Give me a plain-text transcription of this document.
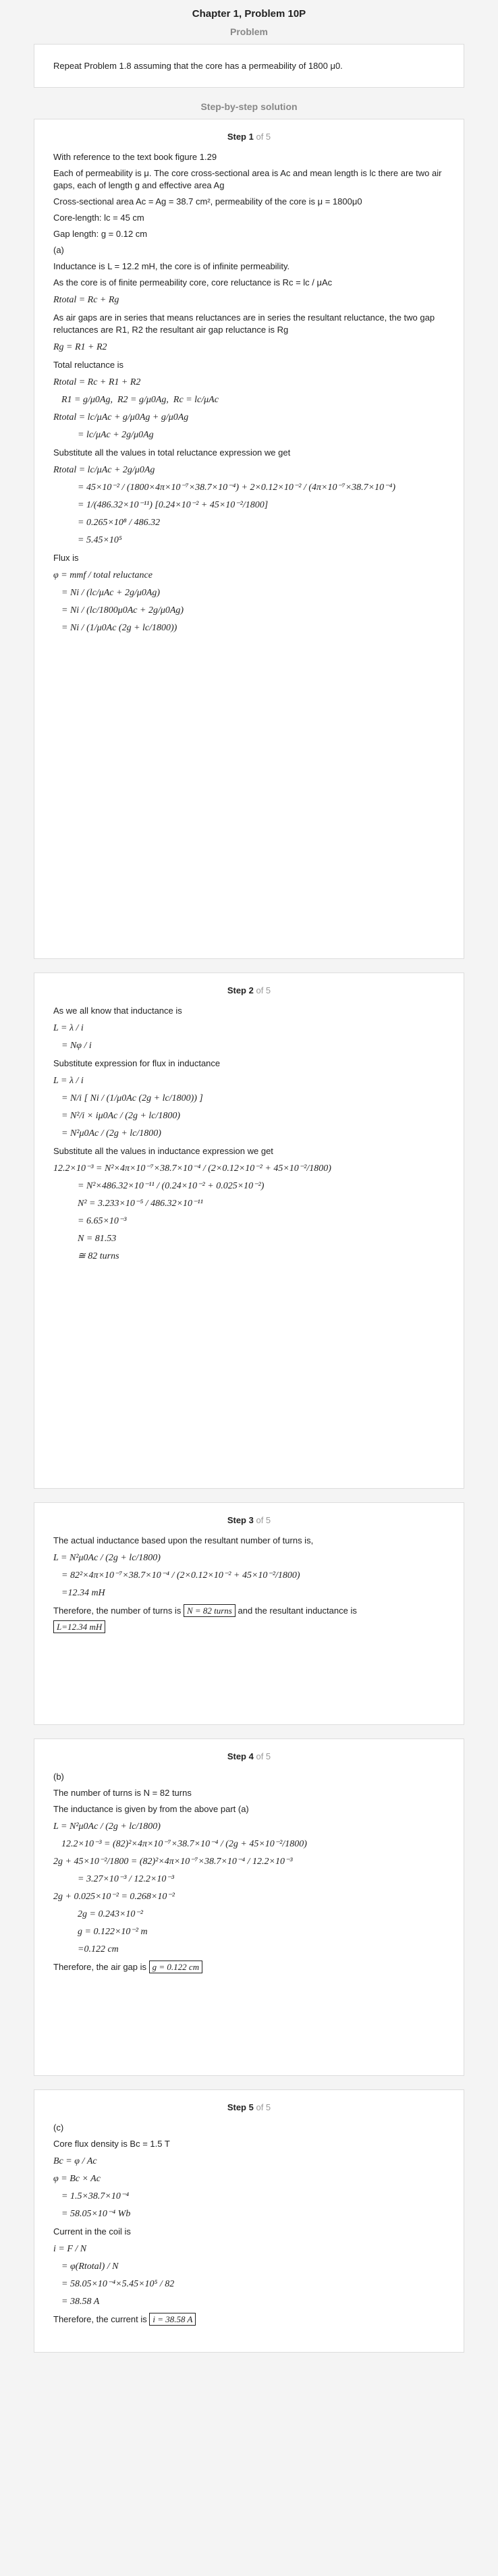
Chapter 1, Problem 10P
Problem
Repeat Problem 1.8 assuming that the core has a permeability of 1800 μ0.
Step-by-step solution
Step 1 of 5
With reference to the text book figure 1.29
Each of permeability is μ. The core cross-sectional area is Ac and mean length is lc there are two air gaps, each of length g and effective area Ag
Cross-sectional area Ac = Ag = 38.7 cm², permeability of the core is μ = 1800μ0
Core-length: lc = 45 cm
Gap length: g = 0.12 cm
(a)
Inductance is L = 12.2 mH, the core is of infinite permeability.
As the core is of finite permeability core, core reluctance is Rc = lc / μAc
Rtotal = Rc + Rg
As air gaps are in series that means reluctances are in series the resultant reluctance, the two gap reluctances are R1, R2 the resultant air gap reluctance is Rg
Rg = R1 + R2
Total reluctance is
Rtotal = Rc + R1 + R2
R1 = g/μ0Ag,  R2 = g/μ0Ag,  Rc = lc/μAc
Rtotal = lc/μAc + g/μ0Ag + g/μ0Ag
= lc/μAc + 2g/μ0Ag
Substitute all the values in total reluctance expression we get
Rtotal = lc/μAc + 2g/μ0Ag
= 45×10⁻² / (1800×4π×10⁻⁷×38.7×10⁻⁴) + 2×0.12×10⁻² / (4π×10⁻⁷×38.7×10⁻⁴)
= 1/(486.32×10⁻¹¹) [0.24×10⁻² + 45×10⁻²/1800]
= 0.265×10⁸ / 486.32
= 5.45×10⁵
Flux is
φ = mmf / total reluctance
= Ni / (lc/μAc + 2g/μ0Ag)
= Ni / (lc/1800μ0Ac + 2g/μ0Ag)
= Ni / (1/μ0Ac (2g + lc/1800))
Step 2 of 5
As we all know that inductance is
L = λ / i
= Nφ / i
Substitute expression for flux in inductance
L = λ / i
= N/i [ Ni / (1/μ0Ac (2g + lc/1800)) ]
= N²/i × iμ0Ac / (2g + lc/1800)
= N²μ0Ac / (2g + lc/1800)
Substitute all the values in inductance expression we get
12.2×10⁻³ = N²×4π×10⁻⁷×38.7×10⁻⁴ / (2×0.12×10⁻² + 45×10⁻²/1800)
= N²×486.32×10⁻¹¹ / (0.24×10⁻² + 0.025×10⁻²)
N² = 3.233×10⁻⁵ / 486.32×10⁻¹¹
= 6.65×10⁻³
N = 81.53
≅ 82 turns
Step 3 of 5
The actual inductance based upon the resultant number of turns is,
L = N²μ0Ac / (2g + lc/1800)
= 82²×4π×10⁻⁷×38.7×10⁻⁴ / (2×0.12×10⁻² + 45×10⁻²/1800)
=12.34 mH
Therefore, the number of turns is N = 82 turns and the resultant inductance is
L=12.34 mH
Step 4 of 5
(b)
The number of turns is N = 82 turns
The inductance is given by from the above part (a)
L = N²μ0Ac / (2g + lc/1800)
12.2×10⁻³ = (82)²×4π×10⁻⁷×38.7×10⁻⁴ / (2g + 45×10⁻²/1800)
2g + 45×10⁻²/1800 = (82)²×4π×10⁻⁷×38.7×10⁻⁴ / 12.2×10⁻³
= 3.27×10⁻³ / 12.2×10⁻³
2g + 0.025×10⁻² = 0.268×10⁻²
2g = 0.243×10⁻²
g = 0.122×10⁻² m
=0.122 cm
Therefore, the air gap is g = 0.122 cm
Step 5 of 5
(c)
Core flux density is Bc = 1.5 T
Bc = φ / Ac
φ = Bc × Ac
= 1.5×38.7×10⁻⁴
= 58.05×10⁻⁴ Wb
Current in the coil is
i = F / N
= φ(Rtotal) / N
= 58.05×10⁻⁴×5.45×10⁵ / 82
= 38.58 A
Therefore, the current is i = 38.58 A
